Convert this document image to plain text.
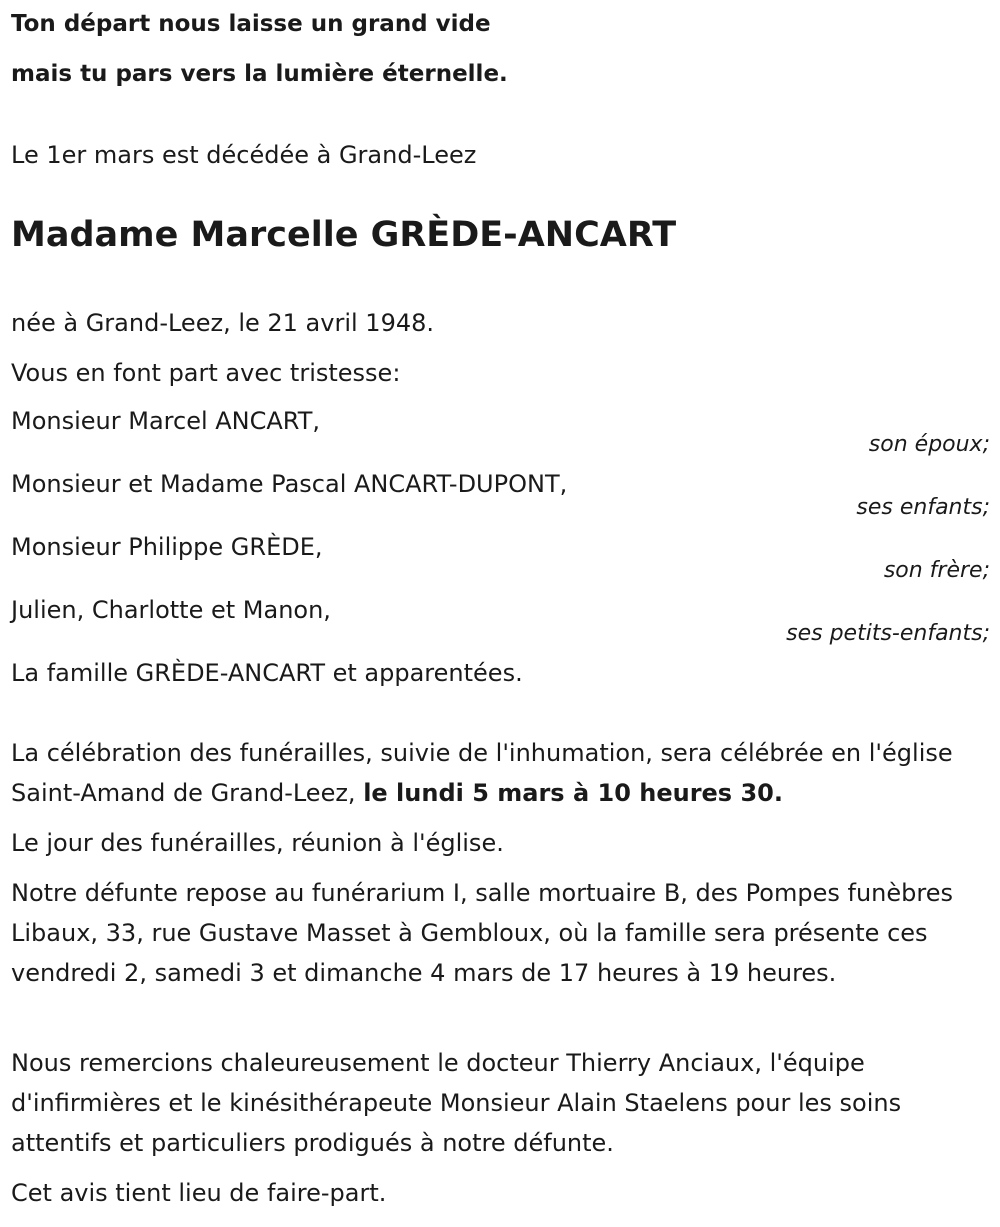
Ton départ nous laisse un grand vide

mais tu pars vers la lumière éternelle.

Le 1er mars est décédée à Grand-Leez

Madame Marcelle GRÈDE-ANCART

née à Grand-Leez, le 21 avril 1948.

Vous en font part avec tristesse:

Monsieur Marcel ANCART,
son époux;
Monsieur et Madame Pascal ANCART-DUPONT,
ses enfants;
Monsieur Philippe GRÈDE,
son frère;
Julien, Charlotte et Manon,
ses petits-enfants;

La famille GRÈDE-ANCART et apparentées.

La célébration des funérailles, suivie de l'inhumation, sera célébrée en l'église Saint-Amand de Grand-Leez, le lundi 5 mars à 10 heures 30.

Le jour des funérailles, réunion à l'église.

Notre défunte repose au funérarium I, salle mortuaire B, des Pompes funèbres Libaux, 33, rue Gustave Masset à Gembloux, où la famille sera présente ces vendredi 2, samedi 3 et dimanche 4 mars de 17 heures à 19 heures.

Nous remercions chaleureusement le docteur Thierry Anciaux, l'équipe d'infirmières et le kinésithérapeute Monsieur Alain Staelens pour les soins attentifs et particuliers prodigués à notre défunte.

Cet avis tient lieu de faire-part.
